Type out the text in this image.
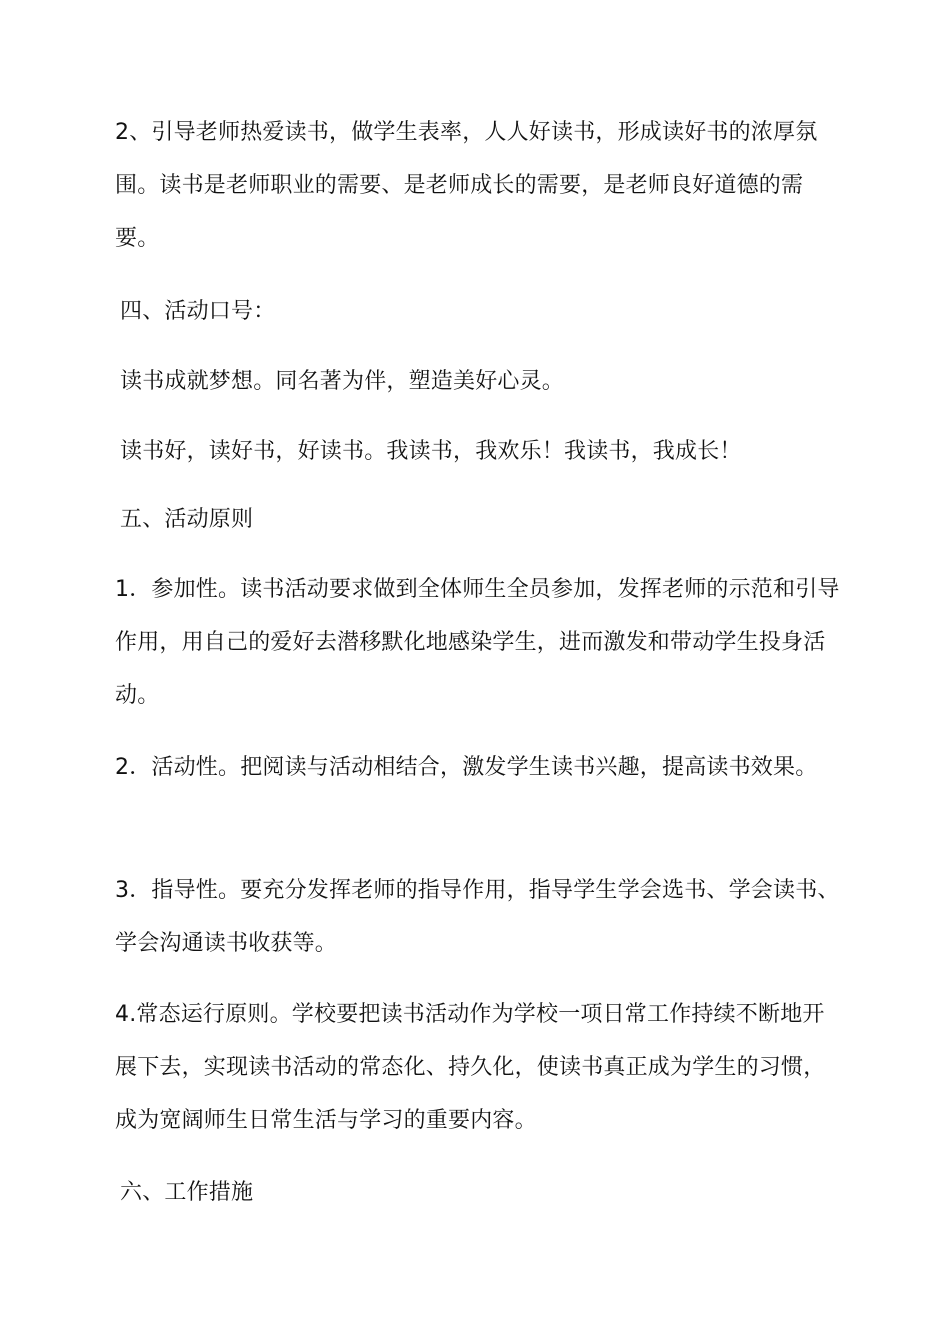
2、引导老师热爱读书，做学生表率，人人好读书，形成读好书的浓厚氛围。读书是老师职业的需要、是老师成长的需要，是老师良好道德的需要。

四、活动口号：

读书成就梦想。同名著为伴，塑造美好心灵。

读书好，读好书，好读书。我读书，我欢乐！我读书，我成长！

五、活动原则

1．参加性。读书活动要求做到全体师生全员参加，发挥老师的示范和引导作用，用自己的爱好去潜移默化地感染学生，进而激发和带动学生投身活动。

2．活动性。把阅读与活动相结合，激发学生读书兴趣，提高读书效果。

3．指导性。要充分发挥老师的指导作用，指导学生学会选书、学会读书、学会沟通读书收获等。

4.常态运行原则。学校要把读书活动作为学校一项日常工作持续不断地开展下去，实现读书活动的常态化、持久化，使读书真正成为学生的习惯，成为宽阔师生日常生活与学习的重要内容。

六、工作措施
